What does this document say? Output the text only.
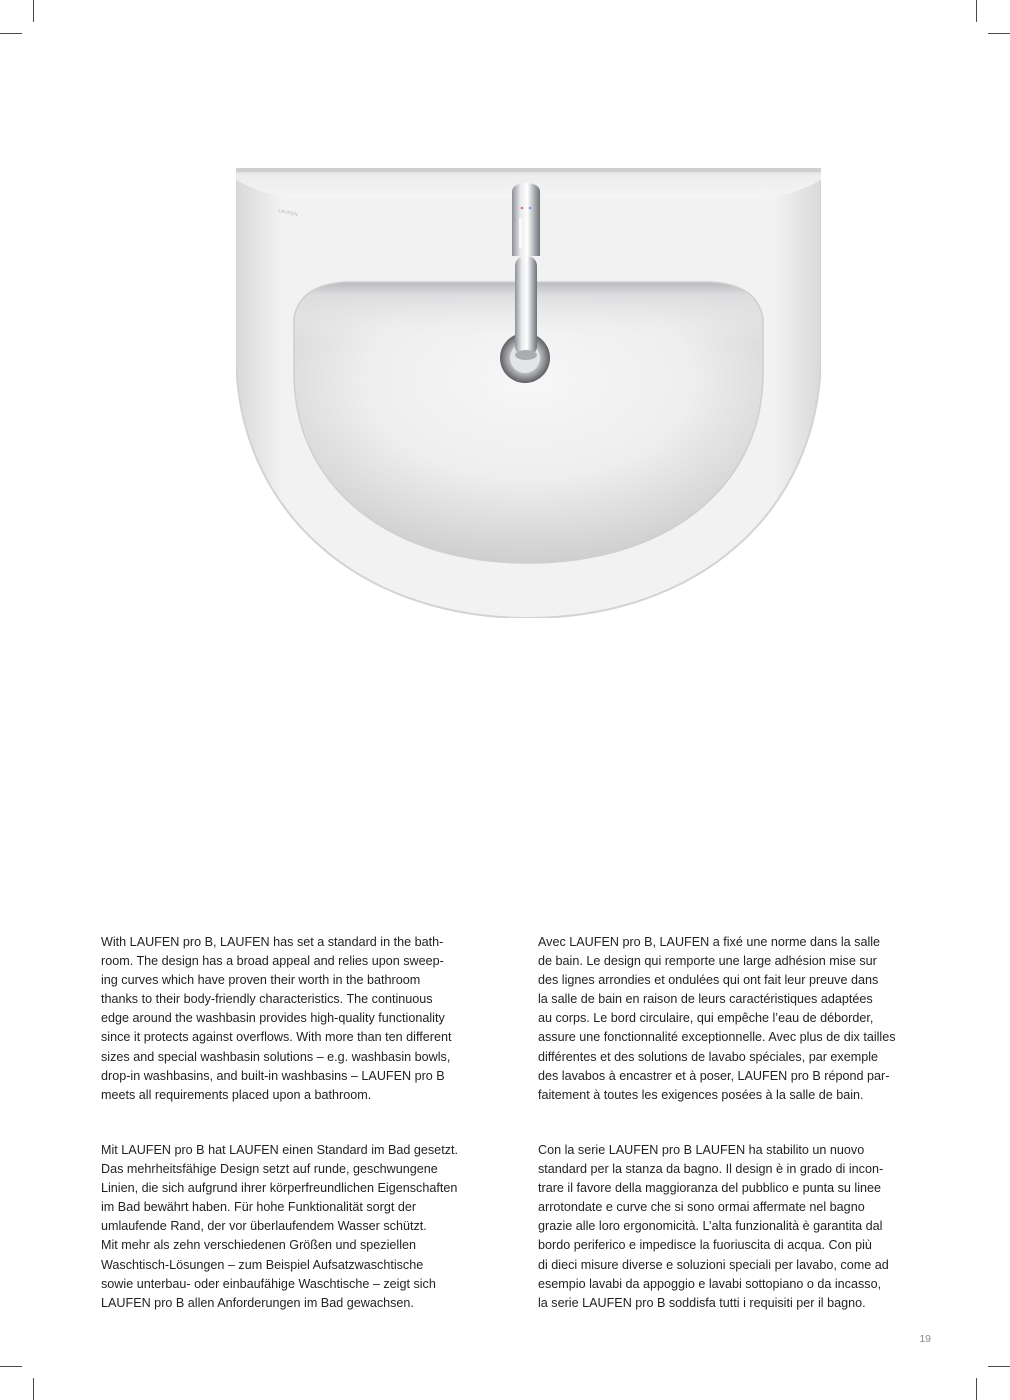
LAUFEN

With LAUFEN pro B, LAUFEN has set a standard in the bath-
room. The design has a broad appeal and relies upon sweep-
ing curves which have proven their worth in the bathroom
thanks to their body-friendly characteristics. The continuous
edge around the washbasin provides high-quality functionality
since it protects against overflows. With more than ten different
sizes and special washbasin solutions – e.g. washbasin bowls,
drop-in washbasins, and built-in washbasins – LAUFEN pro B
meets all requirements placed upon a bathroom.

Avec LAUFEN pro B, LAUFEN a fixé une norme dans la salle
de bain. Le design qui remporte une large adhésion mise sur
des lignes arrondies et ondulées qui ont fait leur preuve dans
la salle de bain en raison de leurs caractéristiques adaptées
au corps. Le bord circulaire, qui empêche l’eau de déborder,
assure une fonctionnalité exceptionnelle. Avec plus de dix tailles
différentes et des solutions de lavabo spéciales, par exemple
des lavabos à encastrer et à poser, LAUFEN pro B répond par-
faitement à toutes les exigences posées à la salle de bain.

Mit LAUFEN pro B hat LAUFEN einen Standard im Bad gesetzt.
Das mehrheitsfähige Design setzt auf runde, geschwungene
Linien, die sich aufgrund ihrer körperfreundlichen Eigenschaften
im Bad bewährt haben. Für hohe Funktionalität sorgt der
umlaufende Rand, der vor überlaufendem Wasser schützt.
Mit mehr als zehn verschiedenen Größen und speziellen
Waschtisch-Lösungen – zum Beispiel Aufsatzwaschtische
sowie unterbau- oder einbaufähige Waschtische – zeigt sich
LAUFEN pro B allen Anforderungen im Bad gewachsen.

Con la serie LAUFEN pro B LAUFEN ha stabilito un nuovo
standard per la stanza da bagno. Il design è in grado di incon-
trare il favore della maggioranza del pubblico e punta su linee
arrotondate e curve che si sono ormai affermate nel bagno
grazie alle loro ergonomicità. L’alta funzionalità è garantita dal
bordo periferico e impedisce la fuoriuscita di acqua. Con più
di dieci misure diverse e soluzioni speciali per lavabo, come ad
esempio lavabi da appoggio e lavabi sottopiano o da incasso,
la serie LAUFEN pro B soddisfa tutti i requisiti per il bagno.

19
